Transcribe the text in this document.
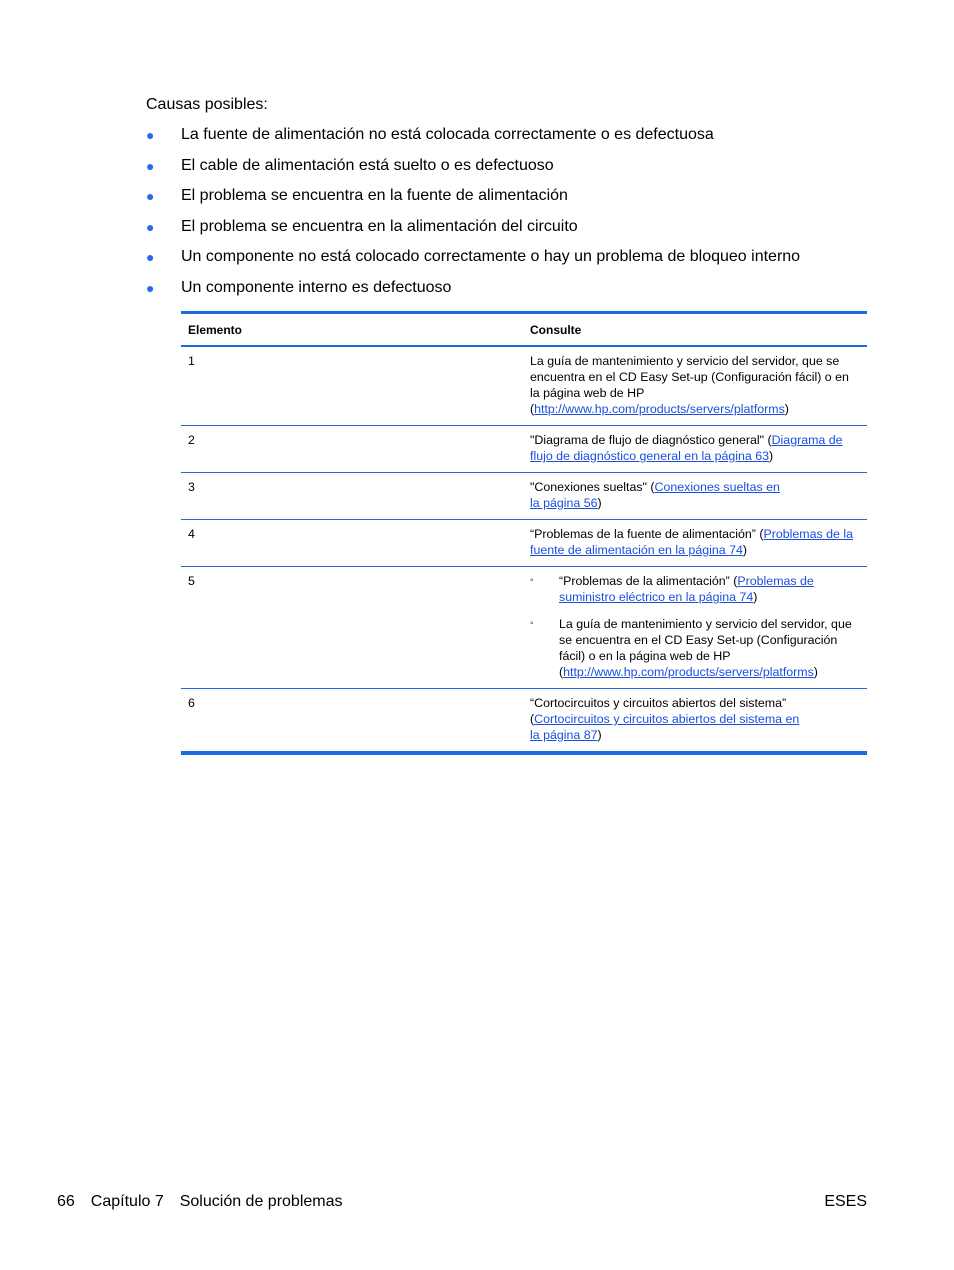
Causas posibles:

● La fuente de alimentación no está colocada correctamente o es defectuosa
● El cable de alimentación está suelto o es defectuoso
● El problema se encuentra en la fuente de alimentación
● El problema se encuentra en la alimentación del circuito
● Un componente no está colocado correctamente o hay un problema de bloqueo interno
● Un componente interno es defectuoso
Elemento	Consulte
1	La guía de mantenimiento y servicio del servidor, que se encuentra en el CD Easy Set-up (Configuración fácil) o en la página web de HP (http://www.hp.com/products/servers/platforms)
2	"Diagrama de flujo de diagnóstico general" (Diagrama de flujo de diagnóstico general en la página 63)
3	"Conexiones sueltas" (Conexiones sueltas en la página 56)
4	“Problemas de la fuente de alimentación” (Problemas de la fuente de alimentación en la página 74)
5	◦ “Problemas de la alimentación” (Problemas de suministro eléctrico en la página 74)
◦ La guía de mantenimiento y servicio del servidor, que se encuentra en el CD Easy Set-up (Configuración fácil) o en la página web de HP (http://www.hp.com/products/servers/platforms)
6	“Cortocircuitos y circuitos abiertos del sistema” (Cortocircuitos y circuitos abiertos del sistema en la página 87)
66 Capítulo 7 Solución de problemas	ESES
